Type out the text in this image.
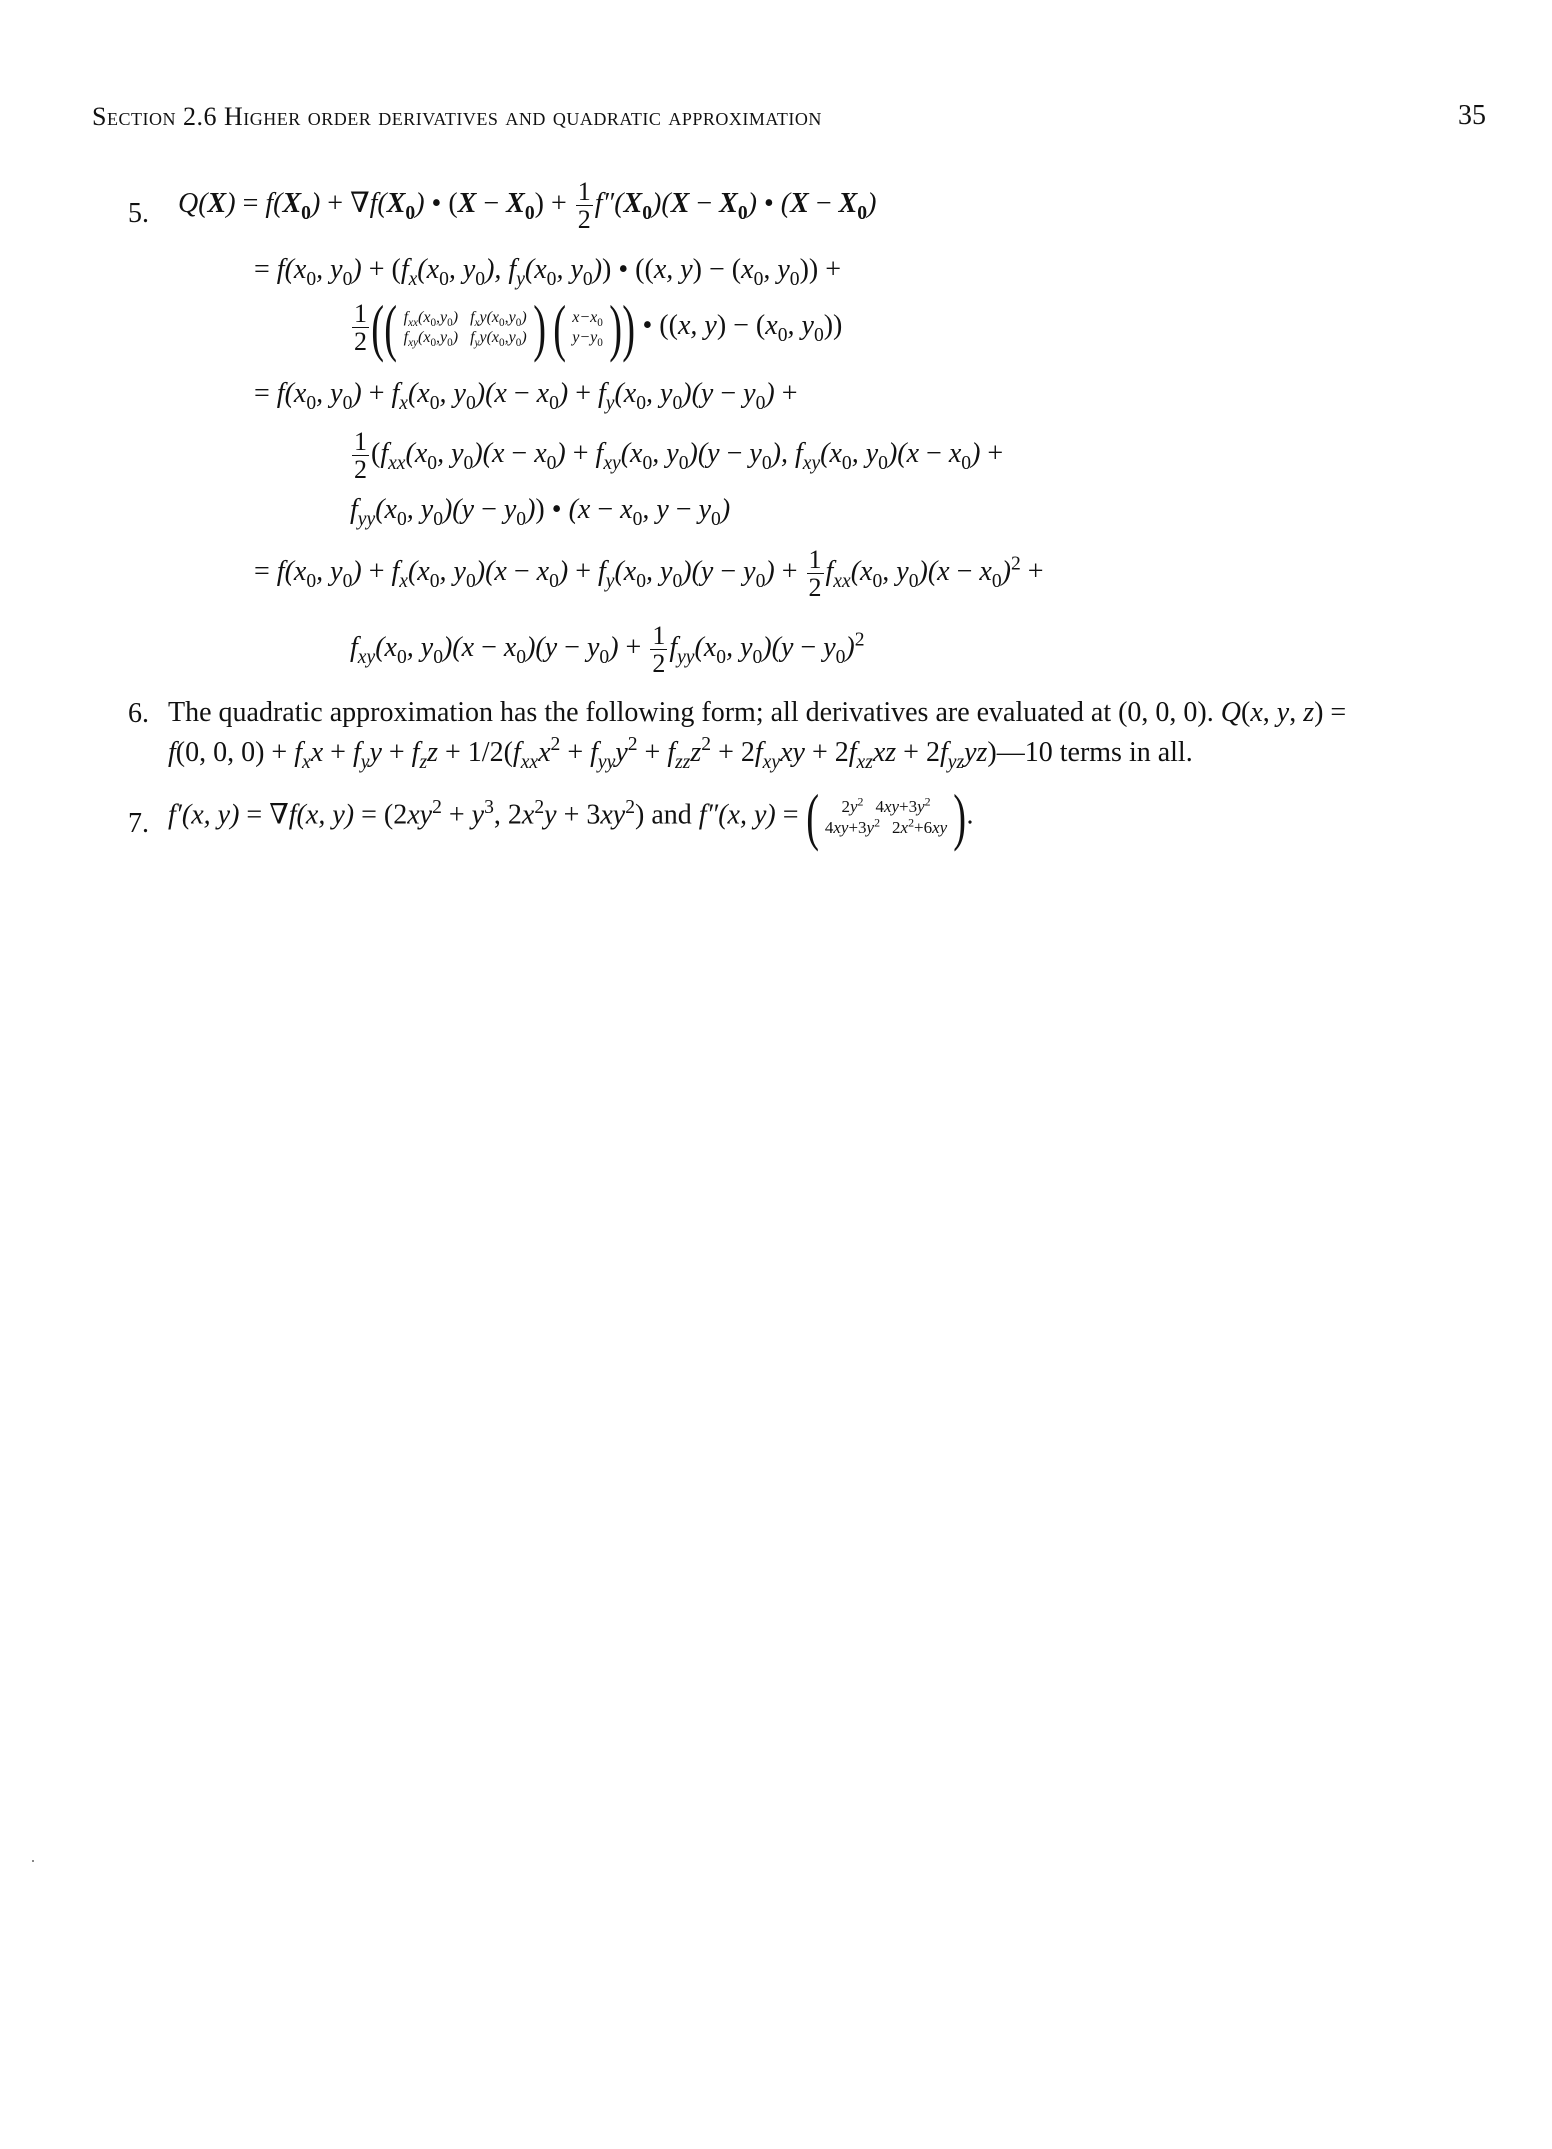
Section 2.6 Higher order derivatives and quadratic approximation	35
5. $Q(X) = f(X_0) + \nabla f(X_0)$ • $(X - X_0) + \frac{1}{2} f''(X_0)(X - X_0)$ • $(X - X_0)$
= $f(x_0$, $y_0) + (f_x(x_0$, $y_0$), $f_y(x_0$, $y_0$)) • ((x, $y) - (x_0$, $y_0$)) +
$\frac{1}{2}$ (( $f_{xx}(x_0,y_0)$ $f_xy(x_0,y_0)$
$f_{xy}(x_0,y_0)$ $f_yy(x_0,y_0)$ ) ( $x-x_0$
$y-y_0$ )) • ((x, $y) - (x_0$, $y_0$))
= $f(x_0$, $y_0) + f_x(x_0$, $y_0)(x - x_0) + f_y(x_0$, $y_0)(y - y_0)$ +
$\frac{1}{2} (f_{xx}(x_0$, $y_0)(x - x_0) + f_{xy}(x_0$, $y_0)(y - y_0)$, $f_{xy}(x_0$, $y_0)(x - x_0)$ +
$f_{yy}(x_0$, $y_0)(y - y_0)$) • ($x - x_0$, $y - y_0$)
= $f(x_0$, $y_0) + f_x(x_0$, $y_0)(x - x_0) + f_y(x_0$, $y_0)(y - y_0) + \frac{1}{2} f_{xx}(x_0$, $y_0)(x - x_0)^2$ +
$f_{xy}(x_0$, $y_0)(x - x_0)(y - y_0) + \frac{1}{2} f_{yy}(x_0$, $y_0)(y - y_0)^2$
6. The quadratic approximation has the following form; all derivatives are evaluated at (0, 0, 0). Q(x, y, z) =
f(0, 0, $0) + f_xx + f_yy + f_zz + 1/2(f_{xx}x^2 + f_{yy}y^2 + f_{zz}z^2 + 2f_{xy}xy + 2f_{xz}xz$ + $2f_{yz}yz)—10$ terms in all.
7. f′(x, y) = ∇f(x, $y) = (2xy^2 + y^3$, $2x^2y + 3xy^2$) and f″(x, y) = (	$2y^2$ $4xy+3y^2$
$4xy+3y^2$ $2x^2+6xy$ ).
